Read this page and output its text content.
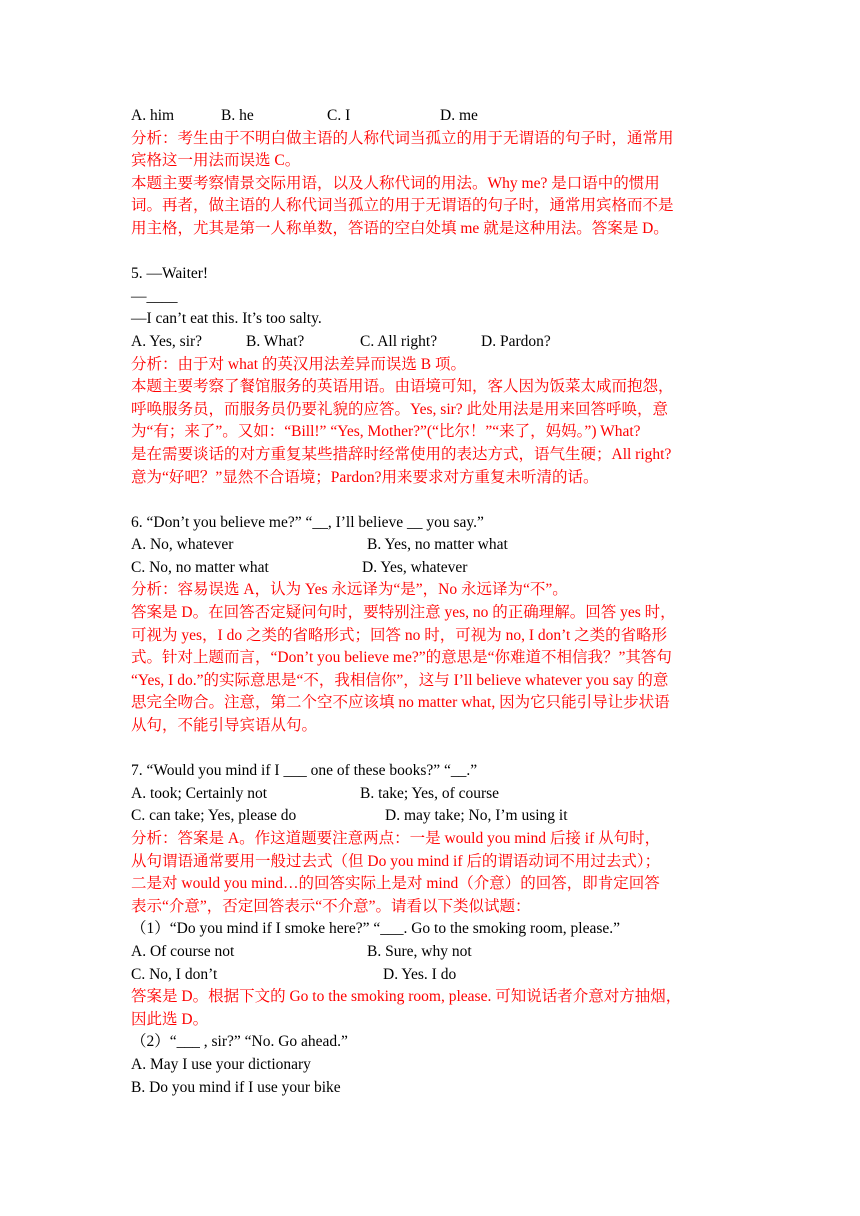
A. him	B. he	C. I	D. me
分析：考生由于不明白做主语的人称代词当孤立的用于无谓语的句子时，通常用
宾格这一用法而误选 C。
本题主要考察情景交际用语，以及人称代词的用法。Why me? 是口语中的惯用
词。再者，做主语的人称代词当孤立的用于无谓语的句子时，通常用宾格而不是
用主格，尤其是第一人称单数，答语的空白处填 me 就是这种用法。答案是 D。
5. —Waiter!
—____
—I can’t eat this. It’s too salty.
A. Yes, sir?	B. What?	C. All right?	D. Pardon?
分析：由于对 what 的英汉用法差异而误选 B 项。
本题主要考察了餐馆服务的英语用语。由语境可知，客人因为饭菜太咸而抱怨，
呼唤服务员，而服务员仍要礼貌的应答。Yes, sir? 此处用法是用来回答呼唤，意
为“有；来了”。又如：“Bill!” “Yes, Mother?”(“比尔！”“来了，妈妈。”) What?
是在需要谈话的对方重复某些措辞时经常使用的表达方式，语气生硬；All right?
意为“好吧？”显然不合语境；Pardon?用来要求对方重复未听清的话。
6. “Don’t you believe me?” “__, I’ll believe __ you say.”
A. No, whatever	B. Yes, no matter what
C. No, no matter what	D. Yes, whatever
分析：容易误选 A，认为 Yes 永远译为“是”，No 永远译为“不”。
答案是 D。在回答否定疑问句时，要特别注意 yes, no 的正确理解。回答 yes 时，
可视为 yes，I do 之类的省略形式；回答 no 时，可视为 no, I don’t 之类的省略形
式。针对上题而言，“Don’t you believe me?”的意思是“你难道不相信我？”其答句
“Yes, I do.”的实际意思是“不，我相信你”，这与 I’ll believe whatever you say 的意
思完全吻合。注意，第二个空不应该填 no matter what, 因为它只能引导让步状语
从句，不能引导宾语从句。
7. “Would you mind if I ___ one of these books?” “__.”
A. took; Certainly not	B. take; Yes, of course
C. can take; Yes, please do	D. may take; No, I’m using it
分析：答案是 A。作这道题要注意两点：一是 would you mind 后接 if 从句时，
从句谓语通常要用一般过去式（但 Do you mind if 后的谓语动词不用过去式）；
二是对 would you mind…的回答实际上是对 mind（介意）的回答，即肯定回答
表示“介意”，否定回答表示“不介意”。请看以下类似试题：
（1）“Do you mind if I smoke here?” “___. Go to the smoking room, please.”
A. Of course not	B. Sure, why not
C. No, I don’t	D. Yes. I do
答案是 D。根据下文的 Go to the smoking room, please. 可知说话者介意对方抽烟，
因此选 D。
（2）“___ , sir?” “No. Go ahead.”
A. May I use your dictionary
B. Do you mind if I use your bike
